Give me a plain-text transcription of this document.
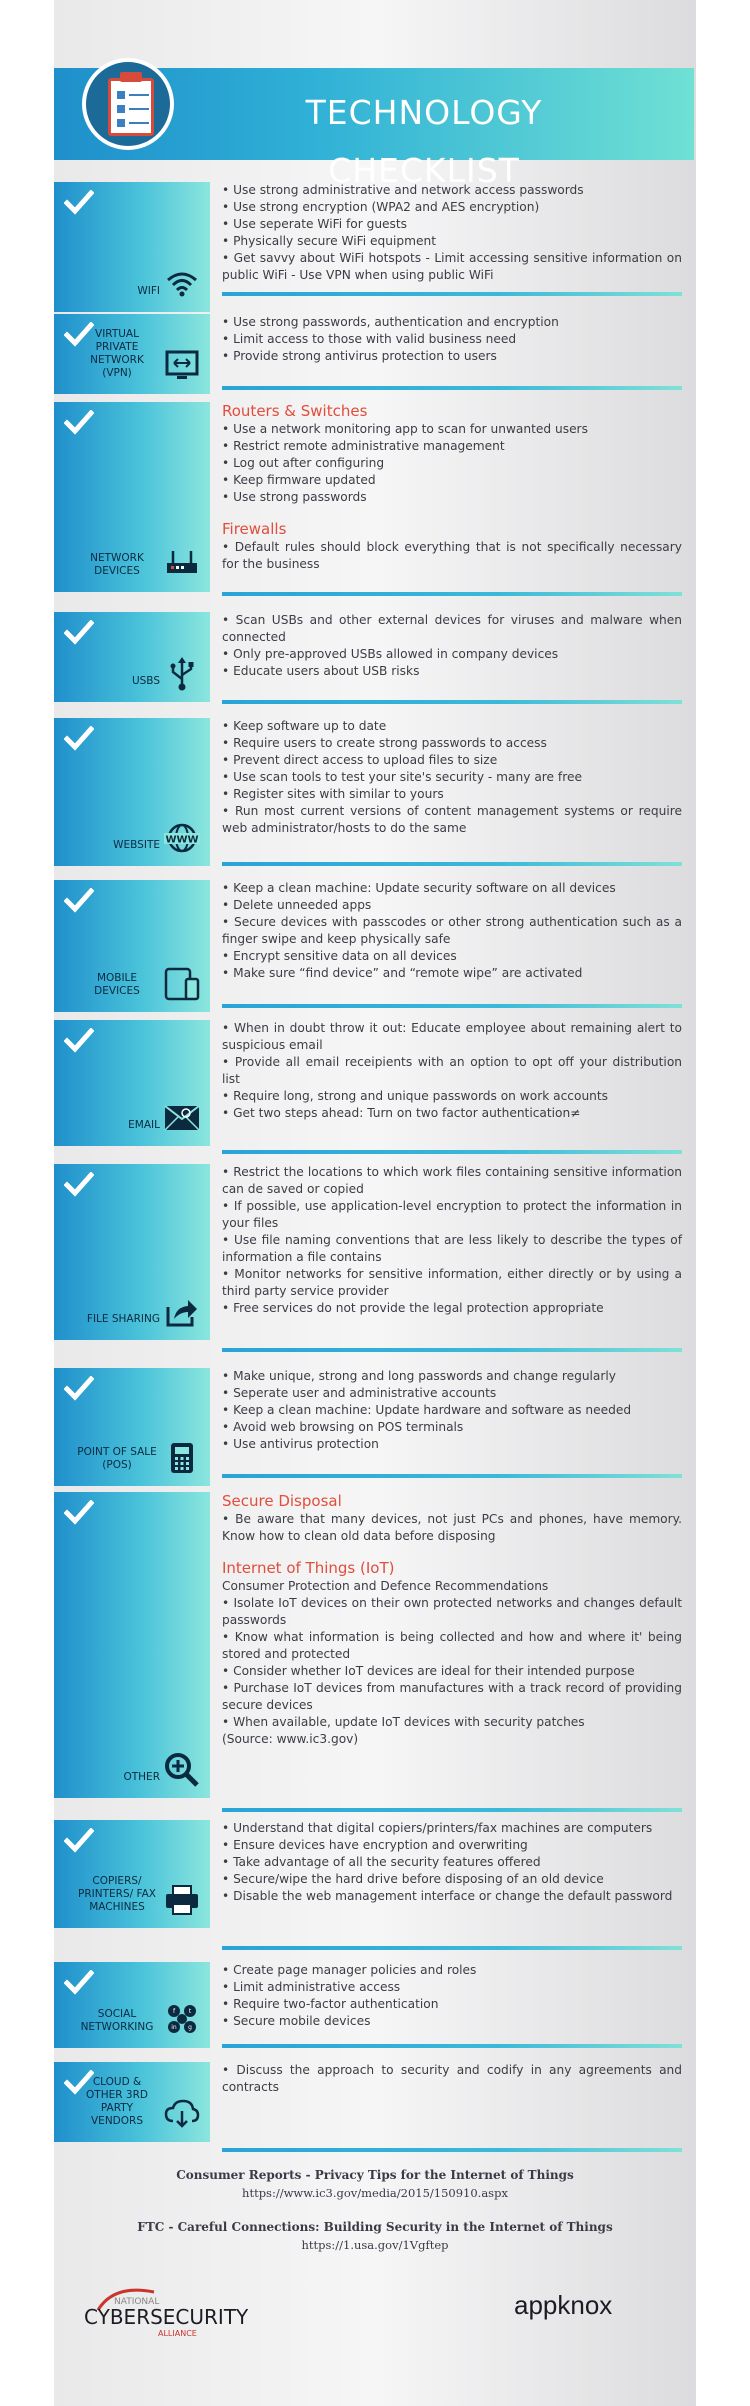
TECHNOLOGY CHECKLIST
WIFI
• Use strong administrative and network access passwords
• Use strong encryption (WPA2 and AES encryption)
• Use seperate WiFi for guests
• Physically secure WiFi equipment
• Get savvy about WiFi hotspots - Limit accessing sensitive information on public WiFi - Use VPN when using public WiFi
VIRTUAL PRIVATE NETWORK (VPN)
• Use strong passwords, authentication and encryption
• Limit access to those with valid business need
• Provide strong antivirus protection to users
NETWORK DEVICES
Routers & Switches
• Use a network monitoring app to scan for unwanted users
• Restrict remote administrative management
• Log out after configuring
• Keep firmware updated
• Use strong passwords
Firewalls
• Default rules should block everything that is not specifically necessary for the business
USBS
• Scan USBs and other external devices for viruses and malware when connected
• Only pre-approved USBs allowed in company devices
• Educate users about USB risks
WEBSITE WWW
• Keep software up to date
• Require users to create strong passwords to access
• Prevent direct access to upload files to size
• Use scan tools to test your site's security - many are free
• Register sites with similar to yours
• Run most current versions of content management systems or require web administrator/hosts to do the same
MOBILE DEVICES
• Keep a clean machine: Update security software on all devices
• Delete unneeded apps
• Secure devices with passcodes or other strong authentication such as a finger swipe and keep physically safe
• Encrypt sensitive data on all devices
• Make sure “find device” and “remote wipe” are activated
EMAIL
• When in doubt throw it out: Educate employee about remaining alert to suspicious email
• Provide all email receipients with an option to opt off your distribution list
• Require long, strong and unique passwords on work accounts
• Get two steps ahead: Turn on two factor authentication≠
FILE SHARING
• Restrict the locations to which work files containing sensitive information can de saved or copied
• If possible, use application-level encryption to protect the information in your files
• Use file naming conventions that are less likely to describe the types of information a file contains
• Monitor networks for sensitive information, either directly or by using a third party service provider
• Free services do not provide the legal protection appropriate
POINT OF SALE (POS)
• Make unique, strong and long passwords and change regularly
• Seperate user and administrative accounts
• Keep a clean machine: Update hardware and software as needed
• Avoid web browsing on POS terminals
• Use antivirus protection
OTHER
Secure Disposal
• Be aware that many devices, not just PCs and phones, have memory. Know how to clean old data before disposing
Internet of Things (IoT)
Consumer Protection and Defence Recommendations
• Isolate IoT devices on their own protected networks and changes default passwords
• Know what information is being collected and how and where it' being stored and protected
• Consider whether IoT devices are ideal for their intended purpose
• Purchase IoT devices from manufactures with a track record of providing secure devices
• When available, update IoT devices with security patches
(Source: www.ic3.gov)
COPIERS/ PRINTERS/ FAX MACHINES
• Understand that digital copiers/printers/fax machines are computers
• Ensure devices have encryption and overwriting
• Take advantage of all the security features offered
• Secure/wipe the hard drive before disposing of an old device
• Disable the web management interface or change the default password
SOCIAL NETWORKING
f t
in g
• Create page manager policies and roles
• Limit administrative access
• Require two-factor authentication
• Secure mobile devices
CLOUD & OTHER 3RD PARTY VENDORS
• Discuss the approach to security and codify in any agreements and contracts
Consumer Reports - Privacy Tips for the Internet of Things
https://www.ic3.gov/media/2015/150910.aspx
FTC - Careful Connections: Building Security in the Internet of Things
https://1.usa.gov/1Vgftep
NATIONAL
CYBERSECURITY
ALLIANCE
appknox
